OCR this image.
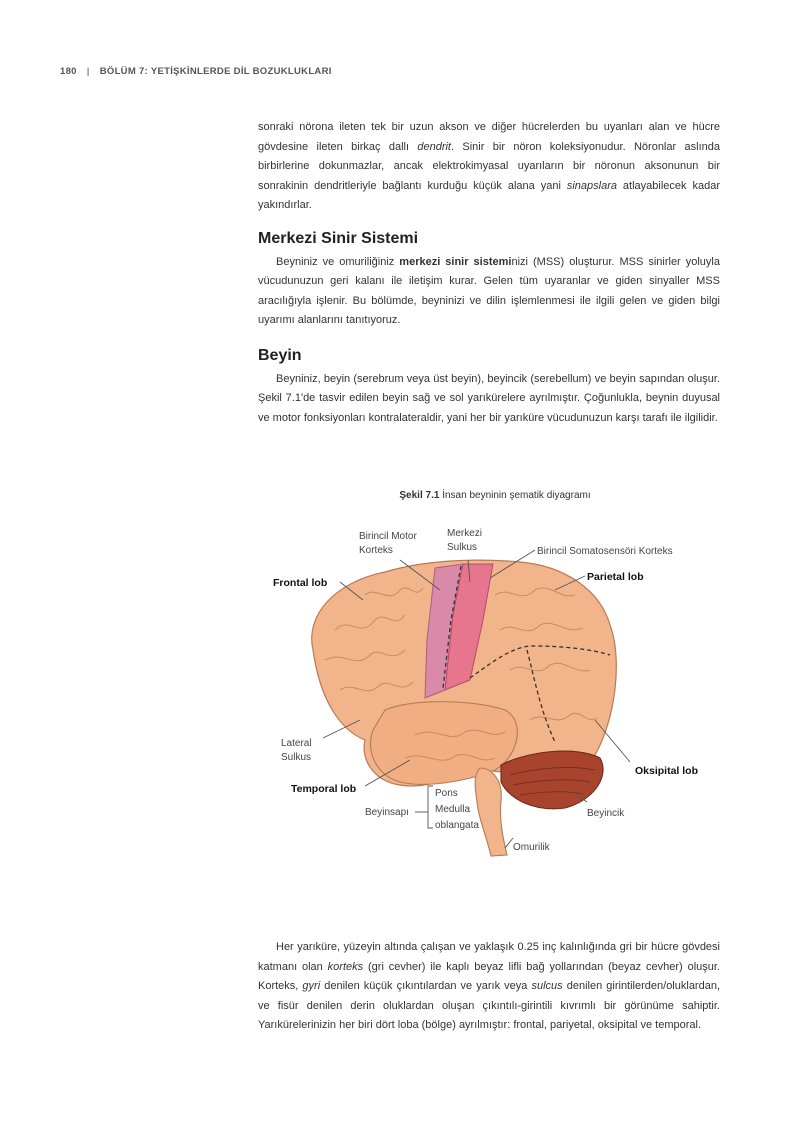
180 | BÖLÜM 7: YETİŞKİNLERDE DİL BOZUKLUKLARI

sonraki nörona ileten tek bir uzun akson ve diğer hücrelerden bu uyanları alan ve hücre gövdesine ileten birkaç dallı dendrit. Sinir bir nöron koleksiyonudur. Nöronlar aslında birbirlerine dokunmazlar, ancak elektrokimyasal uyarıların bir nöronun aksonunun bir sonrakinin dendritleriyle bağlantı kurduğu küçük alana yani sinapslara atlayabilecek kadar yakındırlar.

Merkezi Sinir Sistemi

Beyniniz ve omuriliğiniz merkezi sinir sisteminizi (MSS) oluşturur. MSS sinirler yoluyla vücudunuzun geri kalanı ile iletişim kurar. Gelen tüm uyaranlar ve giden sinyaller MSS aracılığıyla işlenir. Bu bölümde, beyninizi ve dilin işlemlenmesi ile ilgili gelen ve giden bilgi uyarımı alanlarını tanıtıyoruz.

Beyin

Beyniniz, beyin (serebrum veya üst beyin), beyincik (serebellum) ve beyin sapından oluşur. Şekil 7.1'de tasvir edilen beyin sağ ve sol yarıkürelere ayrılmıştır. Çoğunlukla, beynin duyusal ve motor fonksiyonları kontralateraldir, yani her bir yarıküre vücudunuzun karşı tarafı ile ilgilidir.

Şekil 7.1 İnsan beyninin şematik diyagramı
Birincil Motor
Korteks
Merkezi
Sulkus	Birincil Somatosensöri Korteks
Frontal lob	Parietal lob
Lateral
Sulkus
Temporal lob
Oksipital lob
Beyinsapı
Pons
Medulla
oblangata
Beyincik
Omurilik

Her yarıküre, yüzeyin altında çalışan ve yaklaşık 0.25 inç kalınlığında gri bir hücre gövdesi katmanı olan korteks (gri cevher) ile kaplı beyaz lifli bağ yollarından (beyaz cevher) oluşur. Korteks, gyri denilen küçük çıkıntılardan ve yarık veya sulcus denilen girintilerden/oluklardan, ve fisür denilen derin oluklardan oluşan çıkıntılı-girintili kıvrımlı bir görünüme sahiptir. Yarıkürelerinizin her biri dört loba (bölge) ayrılmıştır: frontal, pariyetal, oksipital ve temporal.
